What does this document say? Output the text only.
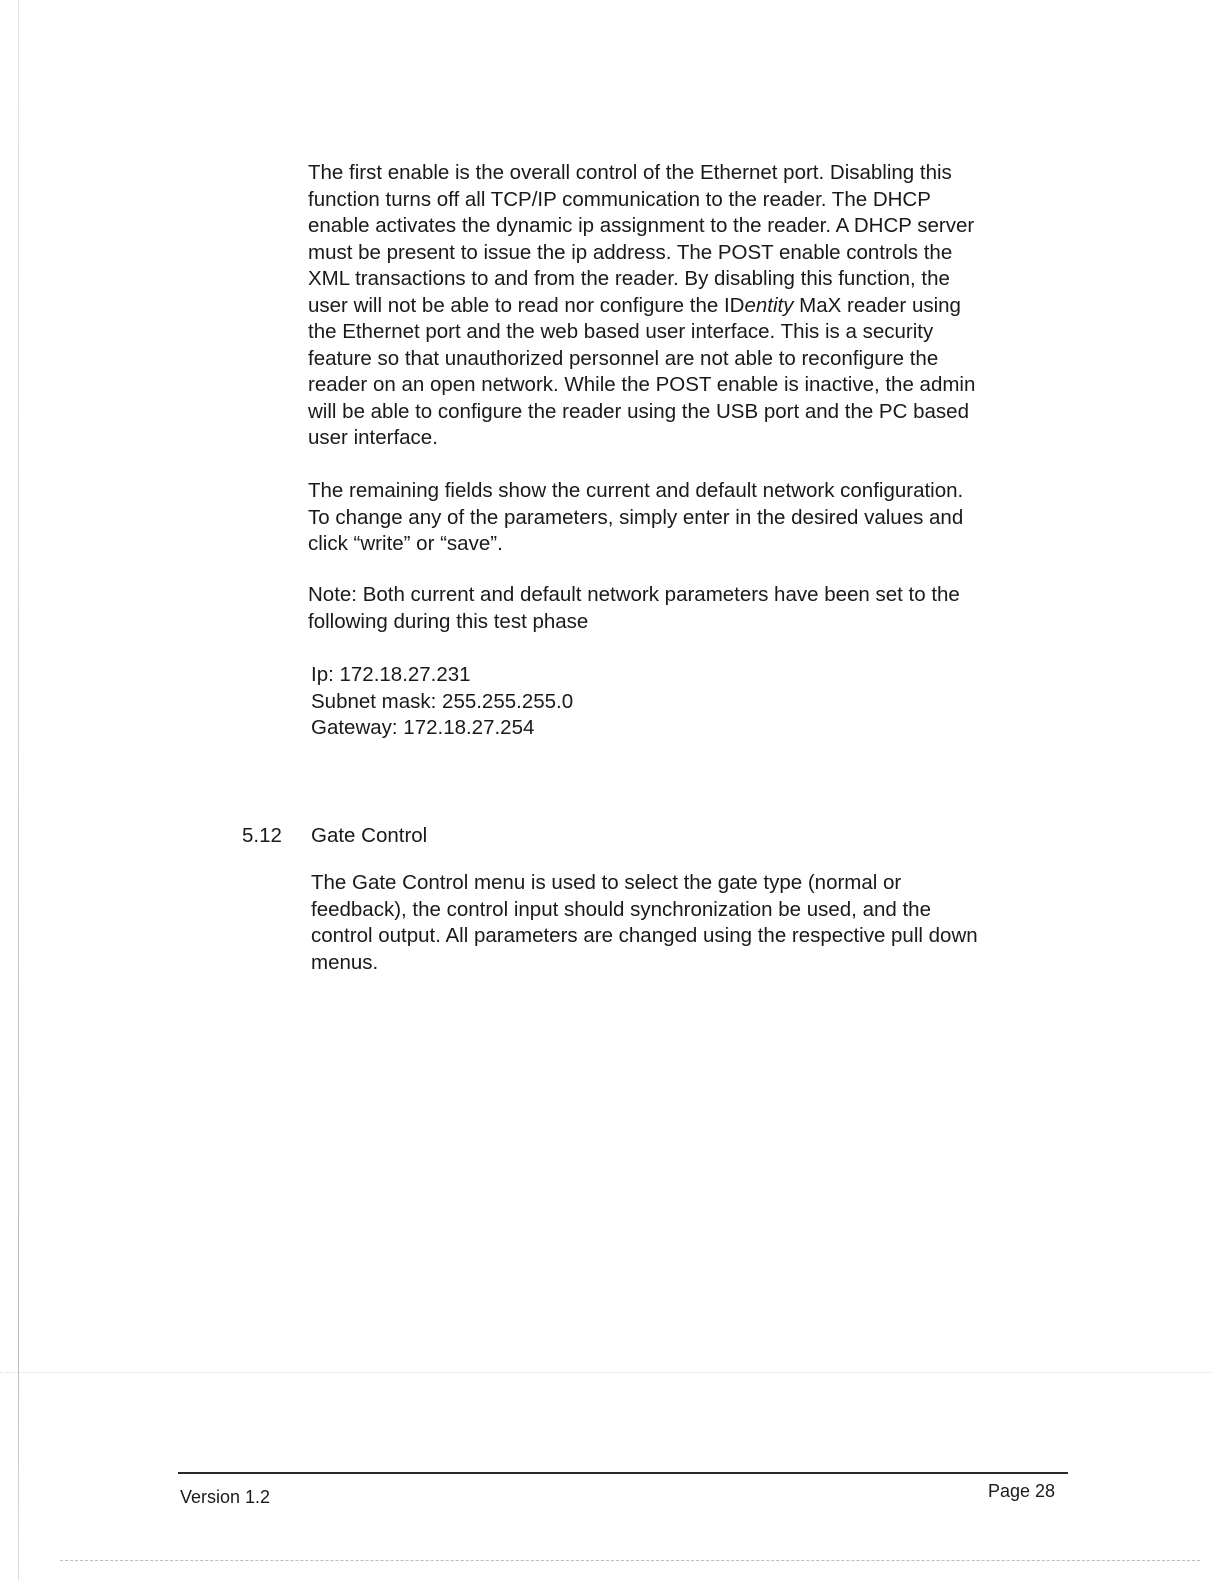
The first enable is the overall control of the Ethernet port. Disabling this
function turns off all TCP/IP communication to the reader. The DHCP
enable activates the dynamic ip assignment to the reader. A DHCP server
must be present to issue the ip address. The POST enable controls the
XML transactions to and from the reader. By disabling this function, the
user will not be able to read nor configure the IDentity MaX reader using
the Ethernet port and the web based user interface. This is a security
feature so that unauthorized personnel are not able to reconfigure the
reader on an open network. While the POST enable is inactive, the admin
will be able to configure the reader using the USB port and the PC based
user interface.
The remaining fields show the current and default network configuration.
To change any of the parameters, simply enter in the desired values and
click “write” or “save”.
Note: Both current and default network parameters have been set to the
following during this test phase
Ip: 172.18.27.231
Subnet mask: 255.255.255.0
Gateway: 172.18.27.254
5.12 Gate Control
The Gate Control menu is used to select the gate type (normal or
feedback), the control input should synchronization be used, and the
control output. All parameters are changed using the respective pull down
menus.
Version 1.2	Page 28
